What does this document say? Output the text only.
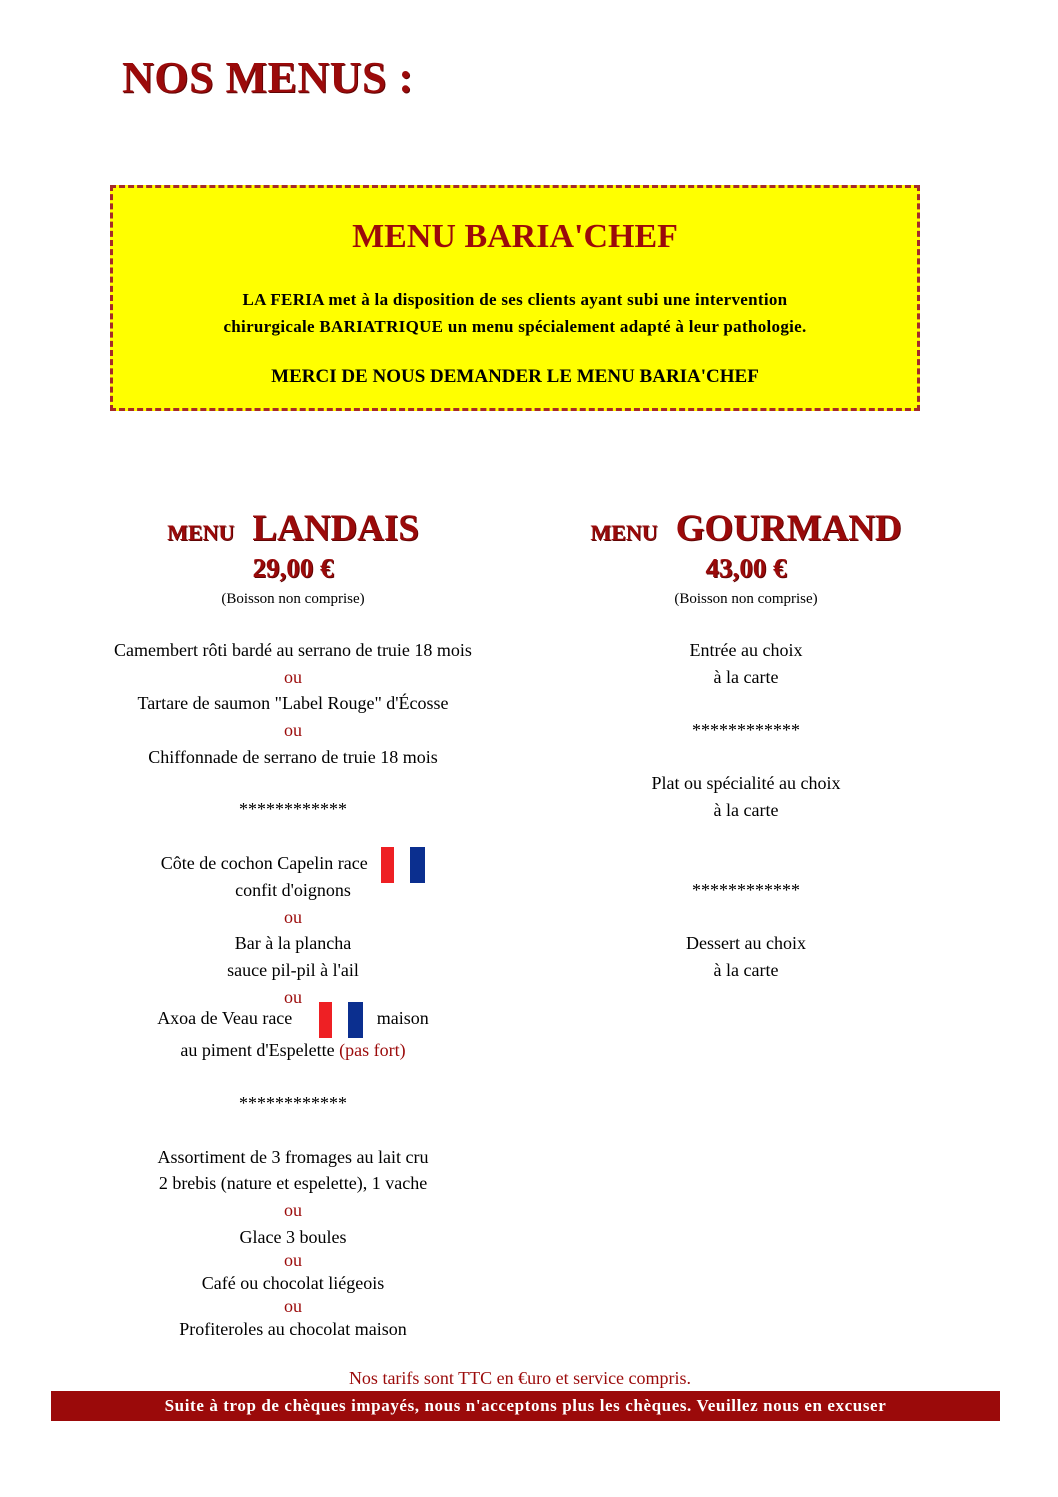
NOS MENUS :
MENU BARIA'CHEF
LA FERIA met à la disposition de ses clients ayant subi une intervention
chirurgicale BARIATRIQUE un menu spécialement adapté à leur pathologie.
MERCI DE NOUS DEMANDER LE MENU BARIA'CHEF
MENU LANDAIS
29,00 €
(Boisson non comprise)
Camembert rôti bardé au serrano de truie 18 mois
ou
Tartare de saumon "Label Rouge" d'Écosse
ou
Chiffonnade de serrano de truie 18 mois
************
Côte de cochon Capelin race
confit d'oignons
ou
Bar à la plancha
sauce pil-pil à l'ail
ou
Axoa de Veau race	maison
au piment d'Espelette (pas fort)
************
Assortiment de 3 fromages au lait cru
2 brebis (nature et espelette), 1 vache
ou
Glace 3 boules
ou
Café ou chocolat liégeois
ou
Profiteroles au chocolat maison
MENU GOURMAND
43,00 €
(Boisson non comprise)
Entrée au choix
à la carte
************
Plat ou spécialité au choix
à la carte
************
Dessert au choix
à la carte
Nos tarifs sont TTC en €uro et service compris.
Suite à trop de chèques impayés, nous n'acceptons plus les chèques. Veuillez nous en excuser
